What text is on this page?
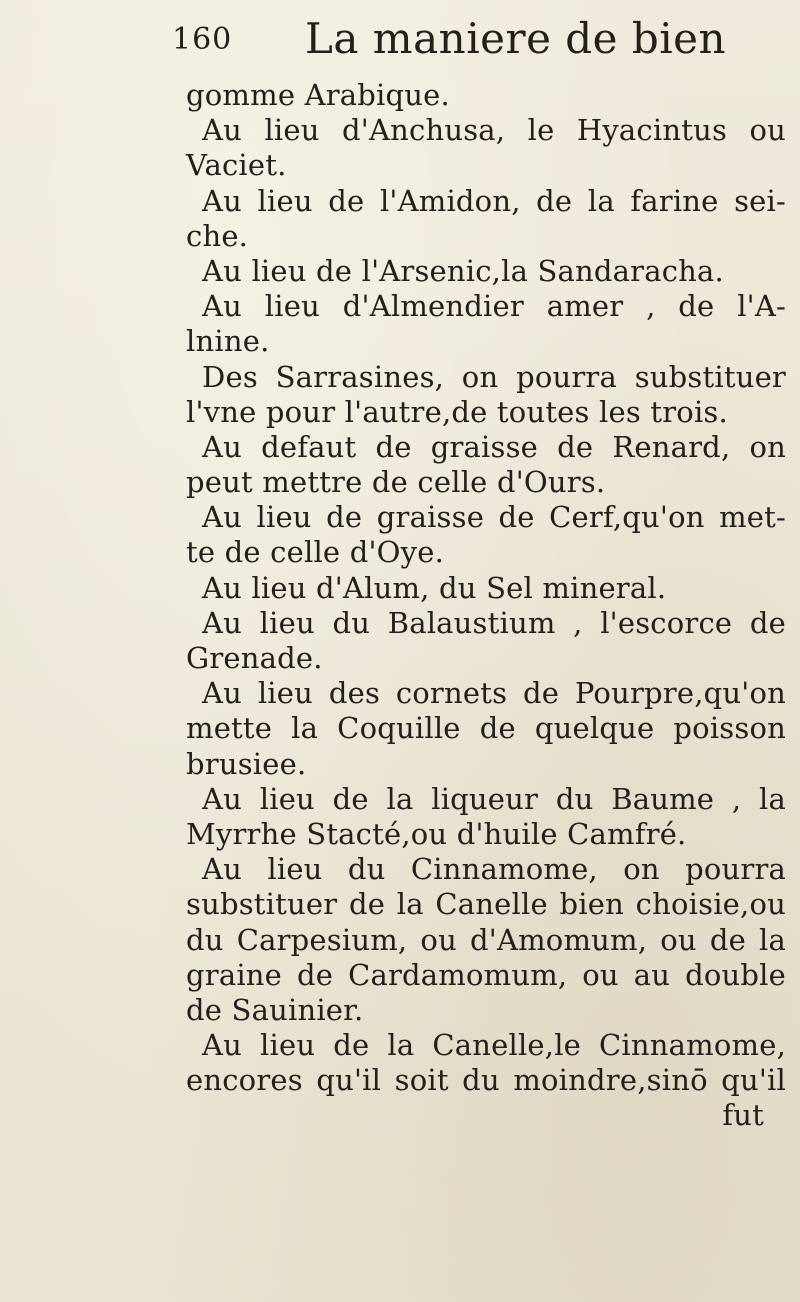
160 La maniere de bien
gomme Arabique.
Au lieu d'Anchusa, le Hyacintus ou
Vaciet.
Au lieu de l'Amidon, de la farine sei-
che.
Au lieu de l'Arsenic,la Sandaracha.
Au lieu d'Almendier amer , de l'A-
lnine.
Des Sarrasines, on pourra substituer
l'vne pour l'autre,de toutes les trois.
Au defaut de graisse de Renard, on
peut mettre de celle d'Ours.
Au lieu de graisse de Cerf,qu'on met-
te de celle d'Oye.
Au lieu d'Alum, du Sel mineral.
Au lieu du Balaustium , l'escorce de
Grenade.
Au lieu des cornets de Pourpre,qu'on
mette la Coquille de quelque poisson
brusiee.
Au lieu de la liqueur du Baume , la
Myrrhe Stacté,ou d'huile Camfré.
Au lieu du Cinnamome, on pourra
substituer de la Canelle bien choisie,ou
du Carpesium, ou d'Amomum, ou de la
graine de Cardamomum, ou au double
de Sauinier.
Au lieu de la Canelle,le Cinnamome,
encores qu'il soit du moindre,sinō qu'il
fut
